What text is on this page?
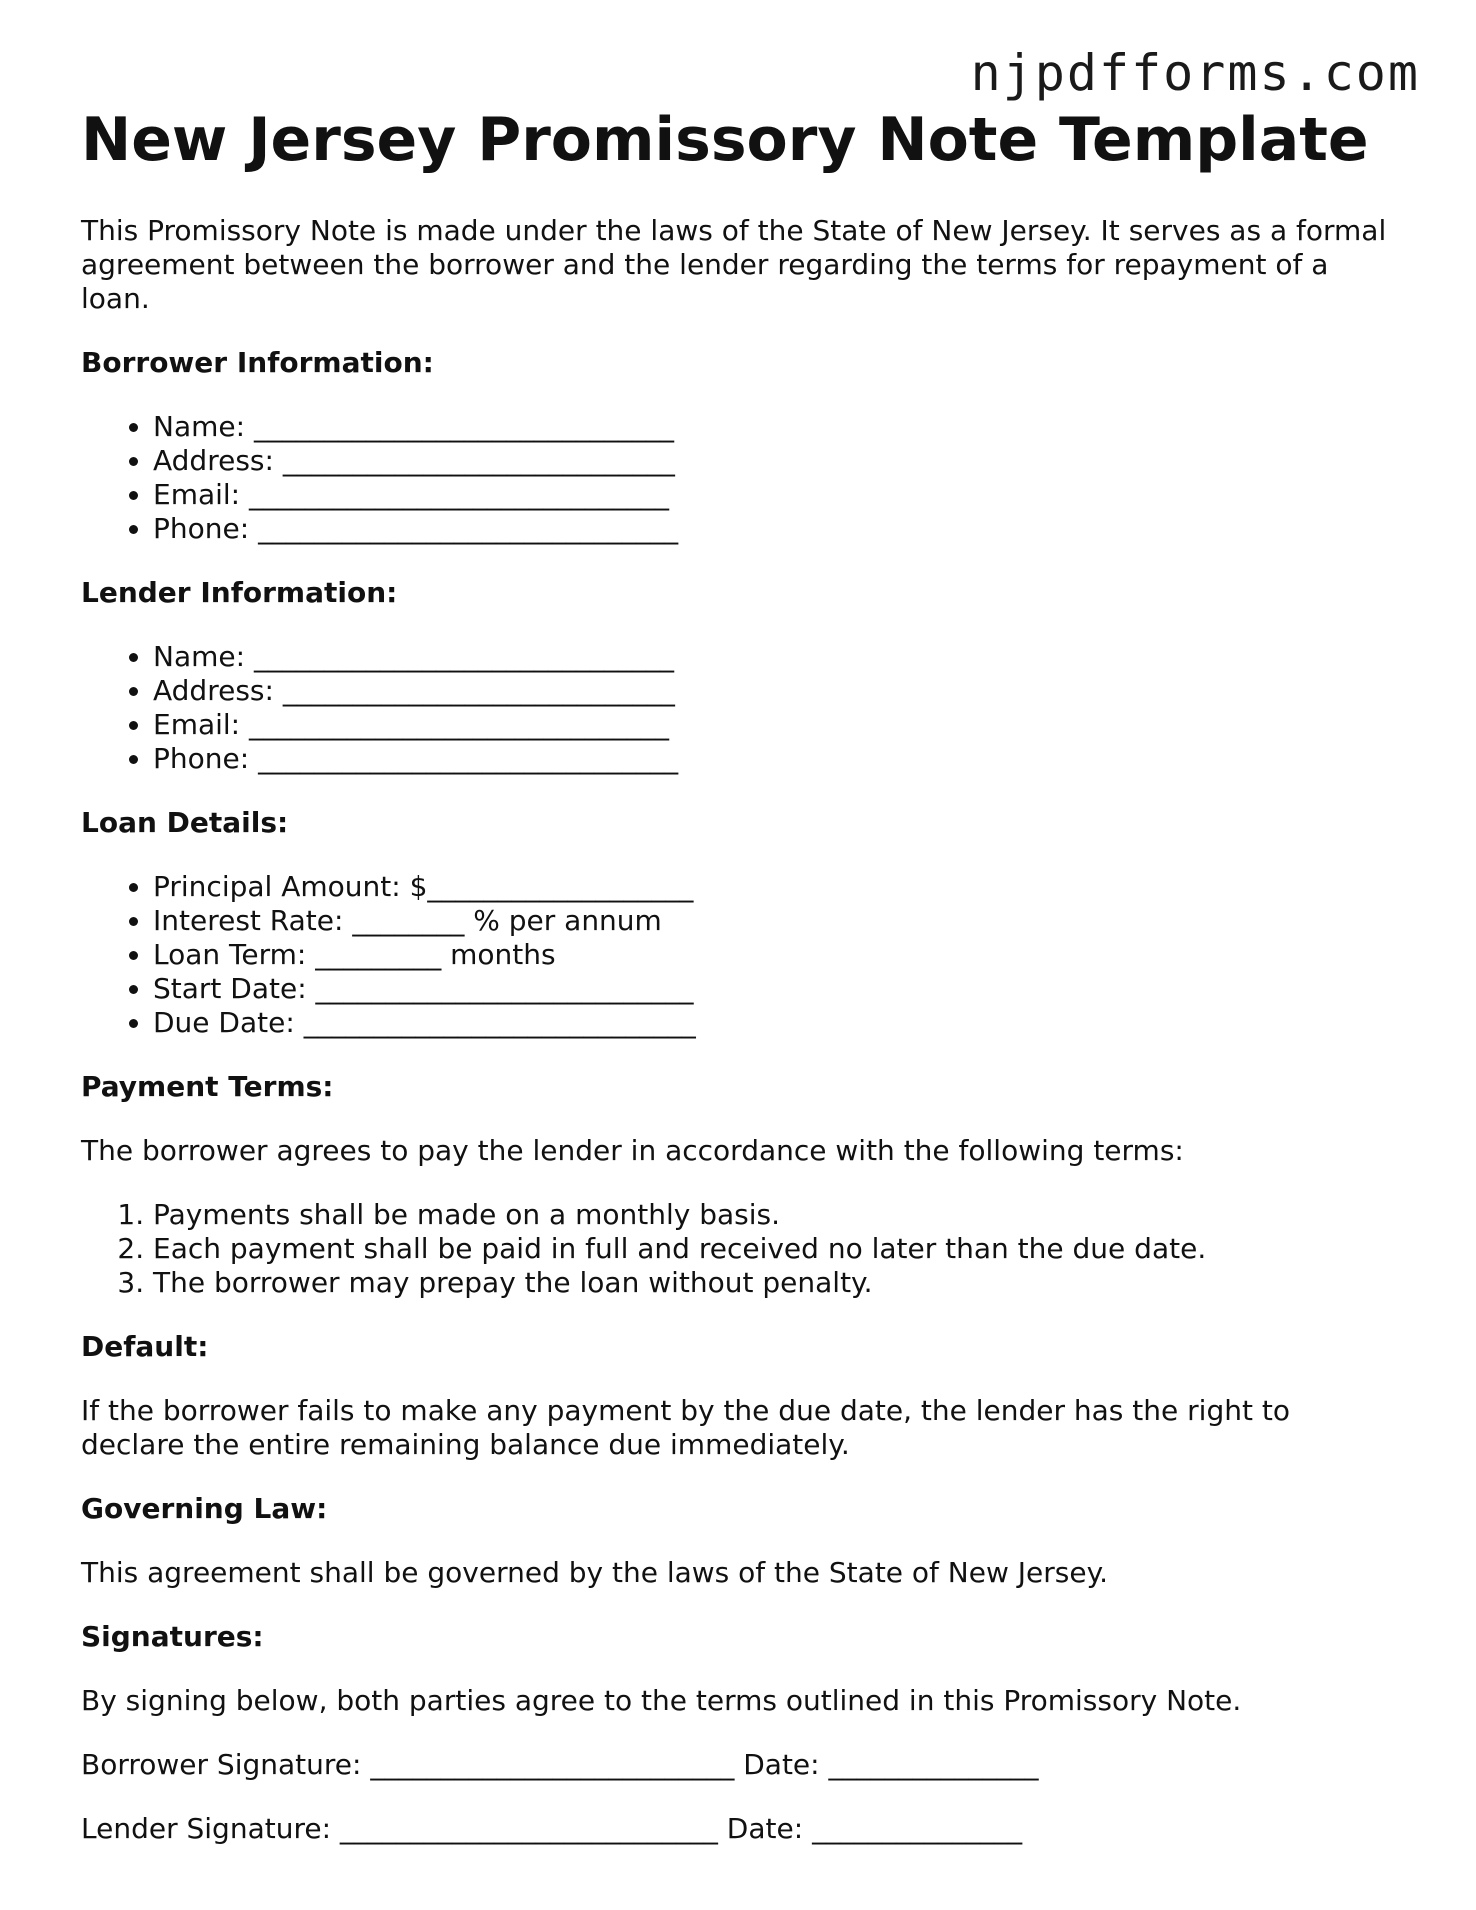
njpdfforms.com
New Jersey Promissory Note Template

This Promissory Note is made under the laws of the State of New Jersey. It serves as a formal agreement between the borrower and the lender regarding the terms for repayment of a loan.

Borrower Information:
• Name: ______________________________
• Address: ____________________________
• Email: ______________________________
• Phone: ______________________________
Lender Information:
• Name: ______________________________
• Address: ____________________________
• Email: ______________________________
• Phone: ______________________________
Loan Details:
• Principal Amount: $___________________
• Interest Rate: ________ % per annum
• Loan Term: _________ months
• Start Date: ___________________________
• Due Date: ____________________________
Payment Terms:

The borrower agrees to pay the lender in accordance with the following terms:

1. Payments shall be made on a monthly basis.
2. Each payment shall be paid in full and received no later than the due date.
3. The borrower may prepay the loan without penalty.
Default:

If the borrower fails to make any payment by the due date, the lender has the right to declare the entire remaining balance due immediately.

Governing Law:

This agreement shall be governed by the laws of the State of New Jersey.

Signatures:

By signing below, both parties agree to the terms outlined in this Promissory Note.

Borrower Signature: __________________________ Date: _______________
Lender Signature: ___________________________ Date: _______________
